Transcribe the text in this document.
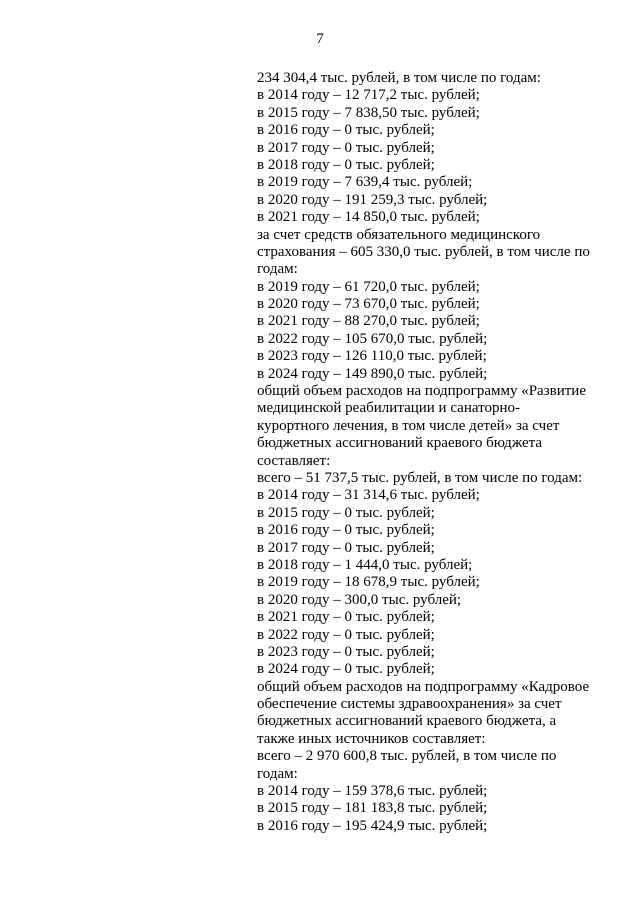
7
234 304,4 тыс. рублей, в том числе по годам:
в 2014 году – 12 717,2 тыс. рублей;
в 2015 году – 7 838,50 тыс. рублей;
в 2016 году – 0 тыс. рублей;
в 2017 году – 0 тыс. рублей;
в 2018 году – 0 тыс. рублей;
в 2019 году – 7 639,4 тыс. рублей;
в 2020 году – 191 259,3 тыс. рублей;
в 2021 году – 14 850,0 тыс. рублей;
за счет средств обязательного медицинского
страхования – 605 330,0 тыс. рублей, в том числе по
годам:
в 2019 году – 61 720,0 тыс. рублей;
в 2020 году – 73 670,0 тыс. рублей;
в 2021 году – 88 270,0 тыс. рублей;
в 2022 году – 105 670,0 тыс. рублей;
в 2023 году – 126 110,0 тыс. рублей;
в 2024 году – 149 890,0 тыс. рублей;
общий объем расходов на подпрограмму «Развитие
медицинской реабилитации и санаторно-
курортного лечения, в том числе детей» за счет
бюджетных ассигнований краевого бюджета
составляет:
всего – 51 737,5 тыс. рублей, в том числе по годам:
в 2014 году – 31 314,6 тыс. рублей;
в 2015 году – 0 тыс. рублей;
в 2016 году – 0 тыс. рублей;
в 2017 году – 0 тыс. рублей;
в 2018 году – 1 444,0 тыс. рублей;
в 2019 году – 18 678,9 тыс. рублей;
в 2020 году – 300,0 тыс. рублей;
в 2021 году – 0 тыс. рублей;
в 2022 году – 0 тыс. рублей;
в 2023 году – 0 тыс. рублей;
в 2024 году – 0 тыс. рублей;
общий объем расходов на подпрограмму «Кадровое
обеспечение системы здравоохранения» за счет
бюджетных ассигнований краевого бюджета, а
также иных источников составляет:
всего – 2 970 600,8 тыс. рублей, в том числе по
годам:
в 2014 году – 159 378,6 тыс. рублей;
в 2015 году – 181 183,8 тыс. рублей;
в 2016 году – 195 424,9 тыс. рублей;
